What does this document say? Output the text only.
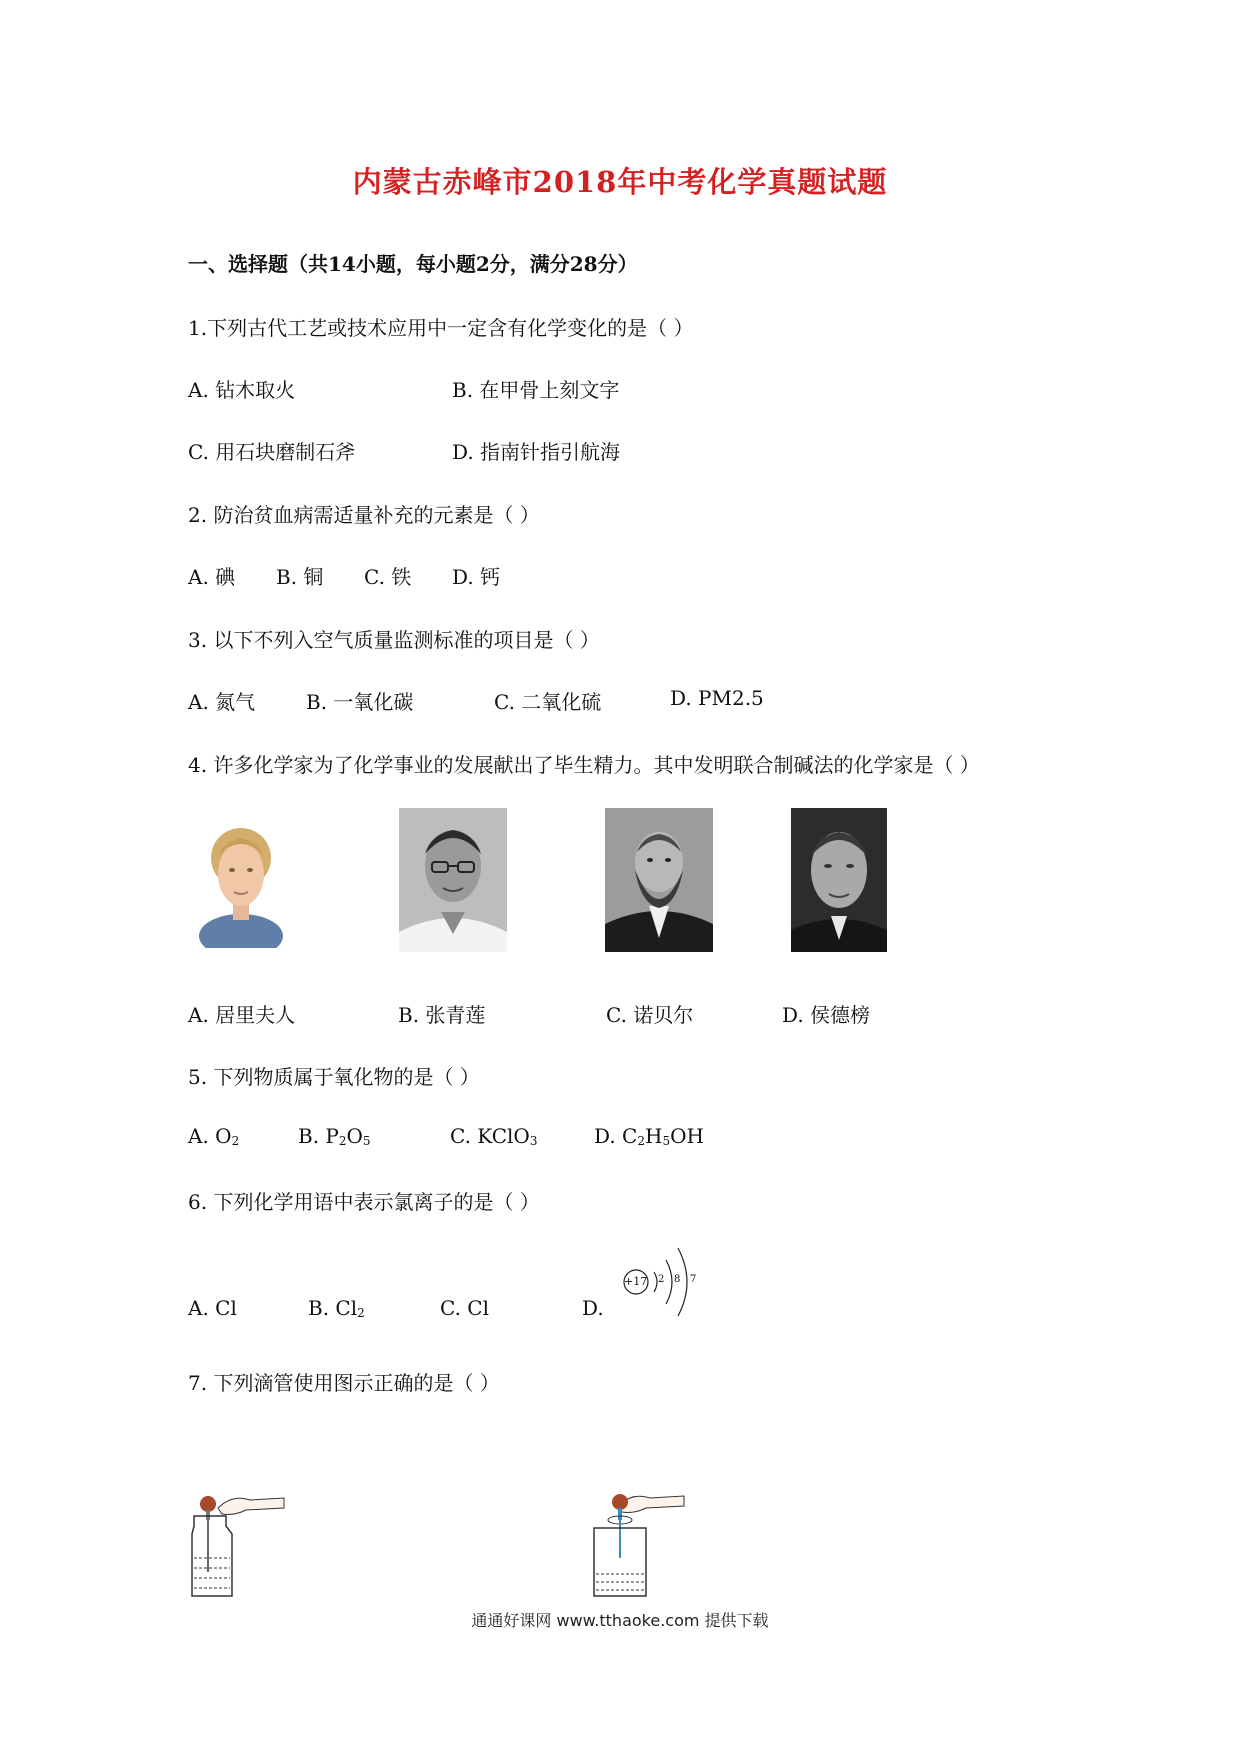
内蒙古赤峰市2018年中考化学真题试题
一、选择题（共14小题，每小题2分，满分28分）
1.下列古代工艺或技术应用中一定含有化学变化的是（ ）
A. 钻木取火	B. 在甲骨上刻文字
C. 用石块磨制石斧	D. 指南针指引航海
2. 防治贫血病需适量补充的元素是（ ）
A. 碘 B. 铜 C. 铁 D. 钙
3. 以下不列入空气质量监测标准的项目是（ ）
A. 氮气	B. 一氧化碳	C. 二氧化硫	D. PM2.5
4. 许多化学家为了化学事业的发展献出了毕生精力。其中发明联合制碱法的化学家是（ ）
A. 居里夫人	B. 张青莲	C. 诺贝尔	D. 侯德榜
5. 下列物质属于氧化物的是（ ）
A. $O_2$	B. $P_2O_5$	C. KClO$_3$	D. $C_2H_5OH$
6. 下列化学用语中表示氯离子的是（ ）
A. Cl	B. $Cl_2$	C. Cl	D.
+17 2 8 7
7. 下列滴管使用图示正确的是（ ）
通通好课网 www.tthaoke.com 提供下载
